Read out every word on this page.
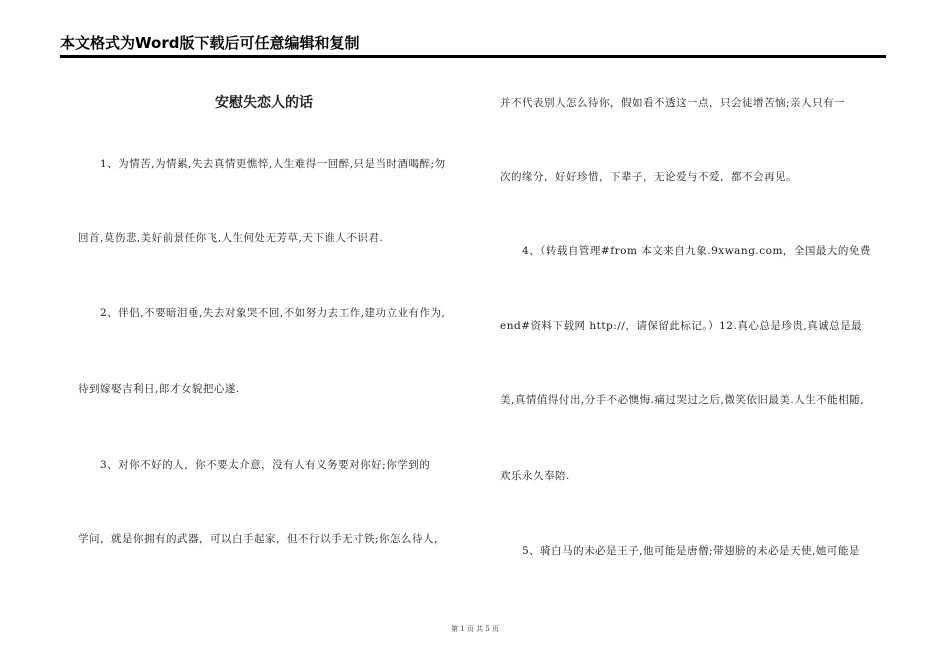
本文格式为Word版下载后可任意编辑和复制
安慰失恋人的话
1、为情苦,为情累,失去真情更憔悴,人生难得一回醉,只是当时酒喝醉;勿
回首,莫伤悲,美好前景任你飞,人生何处无芳草,天下谁人不识君.
2、伴侣,不要暗泪垂,失去对象哭不回,不如努力去工作,建功立业有作为,
待到嫁娶吉利日,郎才女貌把心遂.
3、对你不好的人，你不要太介意，没有人有义务要对你好;你学到的
学问，就是你拥有的武器，可以白手起家，但不行以手无寸铁;你怎么待人，
并不代表别人怎么待你，假如看不透这一点，只会徒增苦恼;亲人只有一
次的缘分，好好珍惜，下辈子，无论爱与不爱，都不会再见。
4、（转载自管理#from 本文来自九象.9xwang.com，全国最大的免费
end#资料下载网 http://，请保留此标记。）12.真心总是珍贵,真诚总是最
美,真情值得付出,分手不必懊悔.痛过哭过之后,微笑依旧最美.人生不能相随,
欢乐永久奉陪.
5、骑白马的未必是王子,他可能是唐僧;带翅膀的未必是天使,她可能是
第 1 页 共 5 页
